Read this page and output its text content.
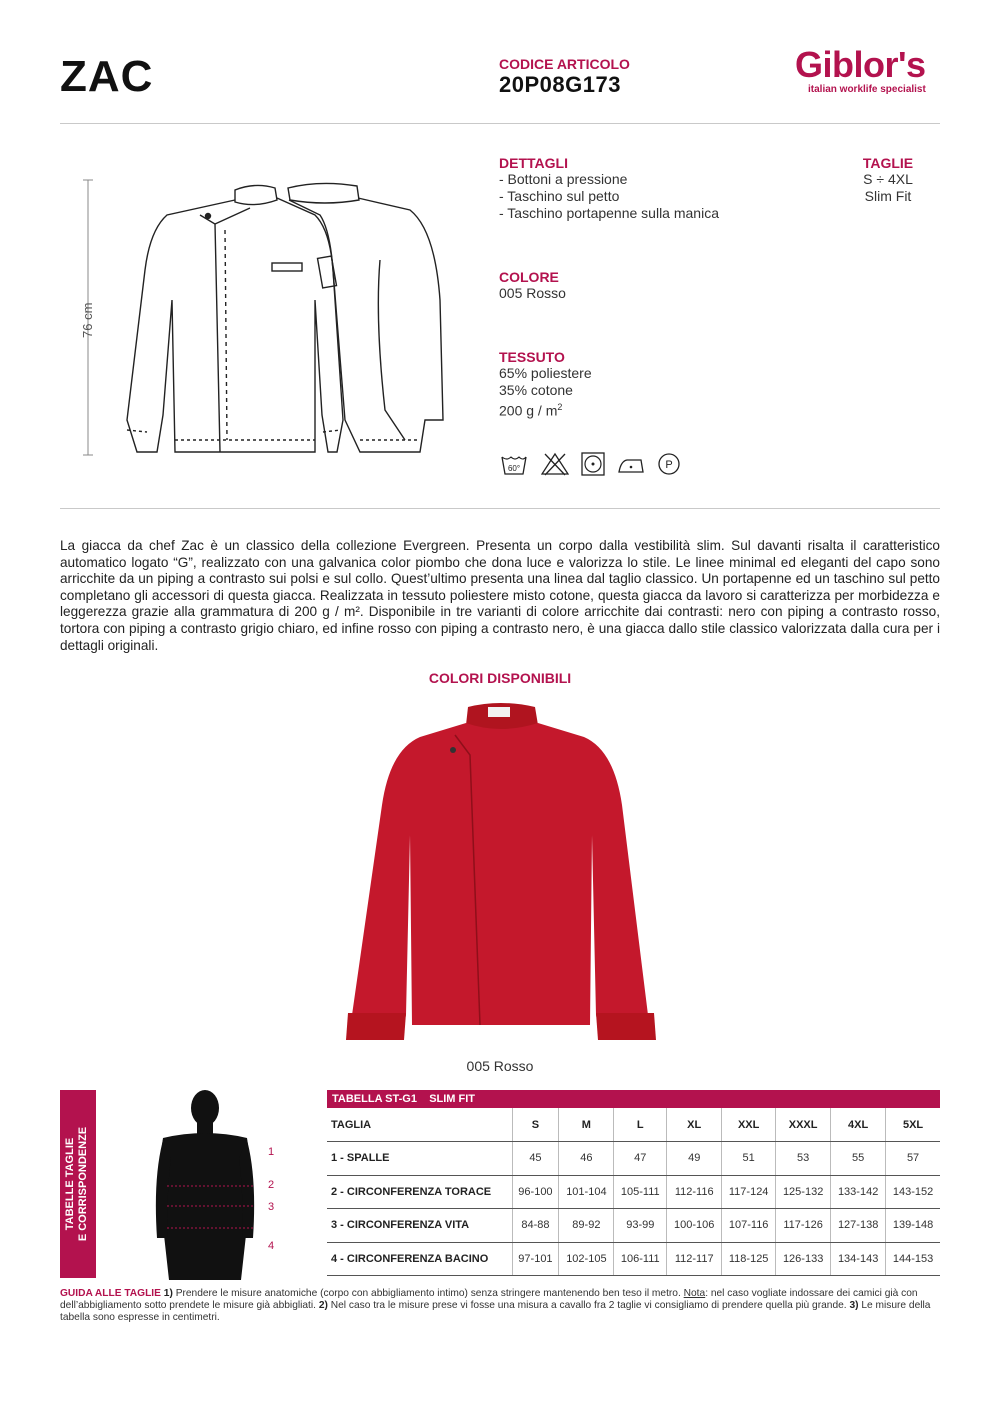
ZAC	CODICE ARTICOLO
20P08G173	Giblor's
italian worklife specialist
76 cm
DETTAGLI
- Bottoni a pressione
- Taschino sul petto
- Taschino portapenne sulla manica
TAGLIE
S ÷ 4XL
Slim Fit
COLORE
005 Rosso
TESSUTO
65% poliestere
35% cotone
200 g / $m^2$
60°	P
La giacca da chef Zac è un classico della collezione Evergreen. Presenta un corpo dalla vestibilità slim. Sul davanti risalta il caratteristico automatico logato “G”, realizzato con una galvanica color piombo che dona luce e valorizza lo stile. Le linee minimal ed eleganti del capo sono arricchite da un piping a contrasto sui polsi e sul collo. Quest’ultimo presenta una linea dal taglio classico. Un portapenne ed un taschino sul petto completano gli accessori di questa giacca. Realizzata in tessuto poliestere misto cotone, questa giacca da lavoro si caratterizza per morbidezza e leggerezza grazie alla grammatura di 200 g / m². Disponibile in tre varianti di colore arricchite dai contrasti: nero con piping a contrasto rosso, tortora con piping a contrasto grigio chiaro, ed infine rosso con piping a contrasto nero, è una giacca dallo stile classico valorizzata dalla cura per i dettagli originali.
COLORI DISPONIBILI
005 Rosso
TABELLE TAGLIE E CORRISPONDENZE	1
2
3
4
TABELLA ST-G1 SLIM FIT
TAGLIA	S	M	L	XL	XXL	XXXL	4XL	5XL
1 - SPALLE	45	46	47	49	51	53	55	57
2 - CIRCONFERENZA TORACE	96-100	101-104	105-111	112-116	117-124	125-132	133-142	143-152
3 - CIRCONFERENZA VITA	84-88	89-92	93-99	100-106	107-116	117-126	127-138	139-148
4 - CIRCONFERENZA BACINO	97-101	102-105	106-111	112-117	118-125	126-133	134-143	144-153
GUIDA ALLE TAGLIE 1) Prendere le misure anatomiche (corpo con abbigliamento intimo) senza stringere mantenendo ben teso il metro. Nota: nel caso vogliate indossare dei camici già con dell’abbigliamento sotto prendete le misure già abbigliati. 2) Nel caso tra le misure prese vi fosse una misura a cavallo fra 2 taglie vi consigliamo di prendere quella più grande. 3) Le misure della tabella sono espresse in centimetri.
